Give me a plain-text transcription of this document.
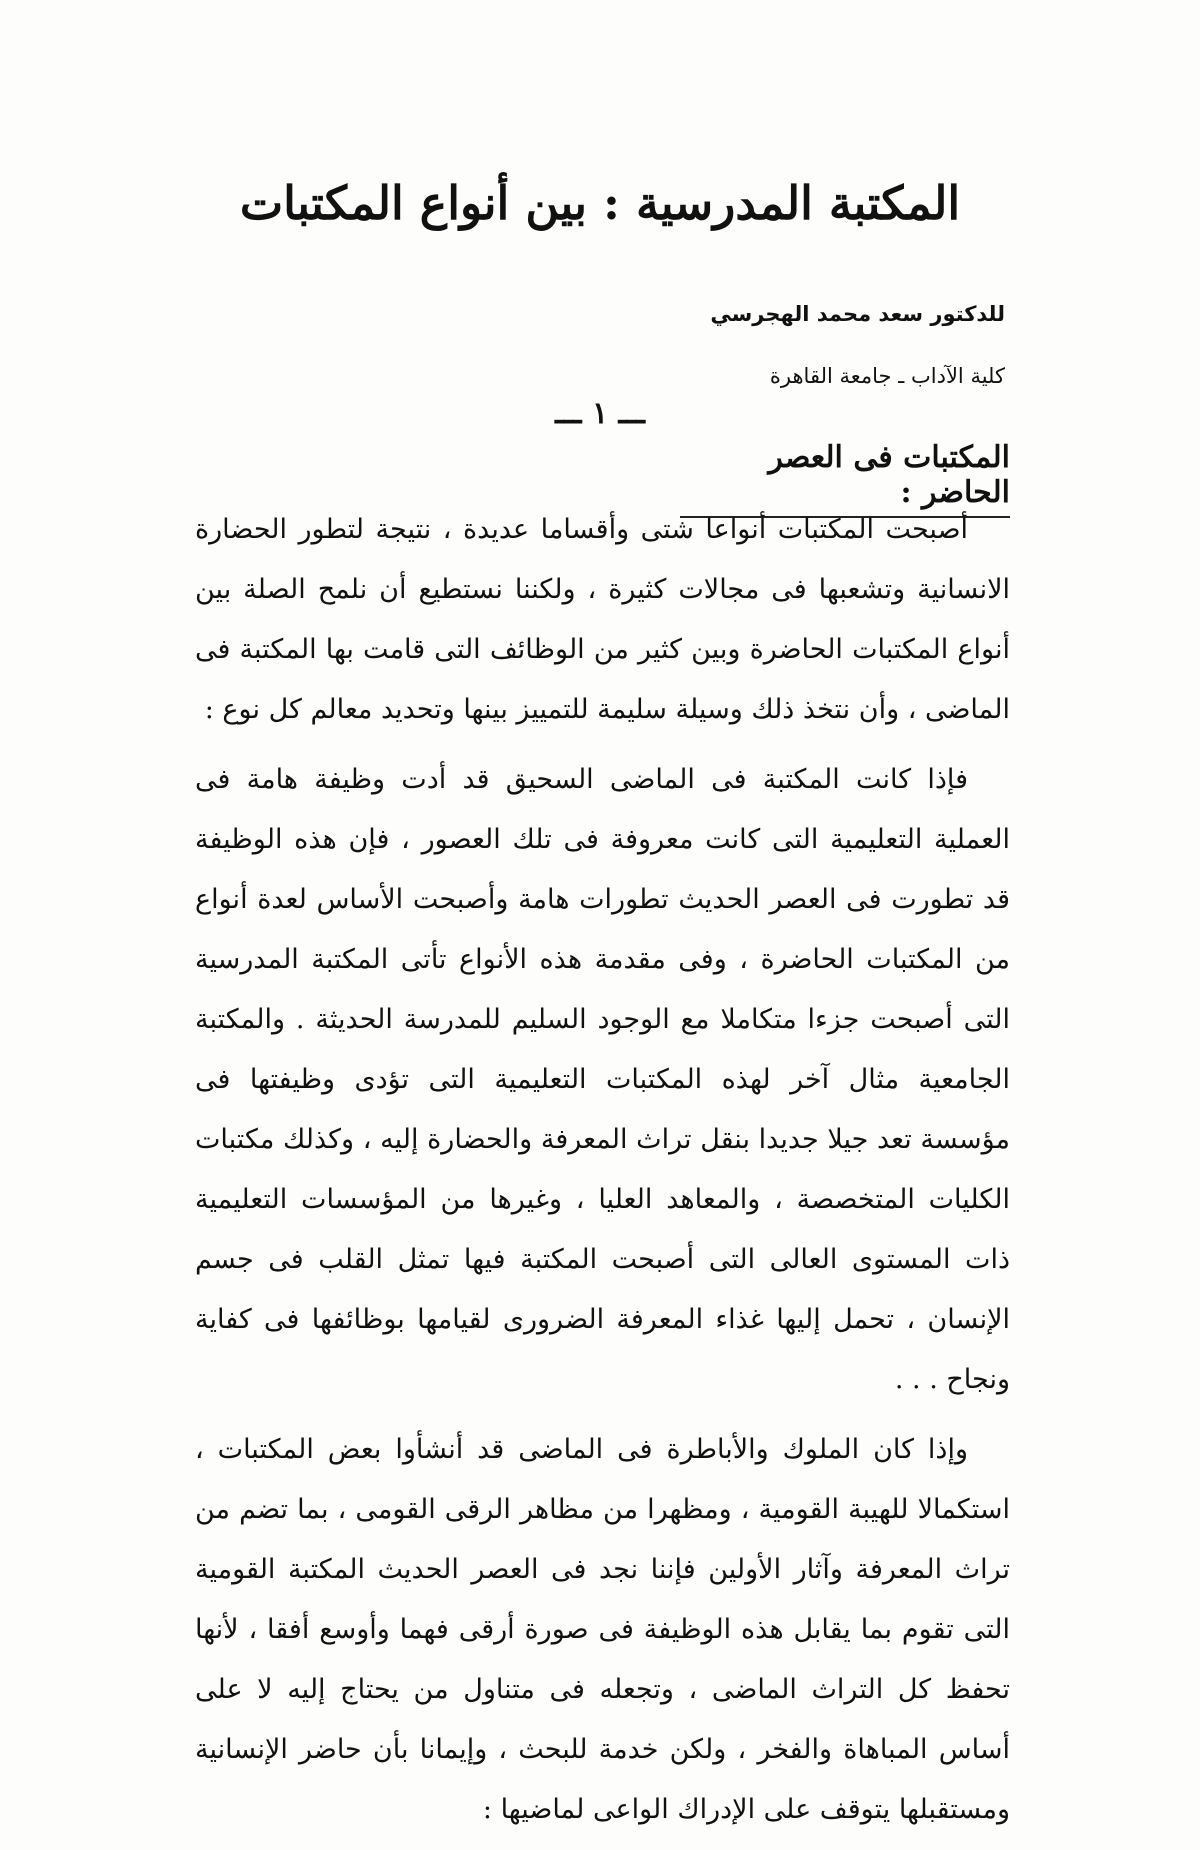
المكتبة المدرسية : بين أنواع المكتبات
للدكتور سعد محمد الهجرسي
كلية الآداب ـ جامعة القاهرة
ـــ ١ ـــ
المكتبات فى العصر الحاضر :

أصبحت المكتبات أنواعا شتى وأقساما عديدة ، نتيجة لتطور الحضارة الانسانية وتشعبها فى مجالات كثيرة ، ولكننا نستطيع أن نلمح الصلة بين أنواع المكتبات الحاضرة وبين كثير من الوظائف التى قامت بها المكتبة فى الماضى ، وأن نتخذ ذلك وسيلة سليمة للتمييز بينها وتحديد معالم كل نوع :

فإذا كانت المكتبة فى الماضى السحيق قد أدت وظيفة هامة فى العملية التعليمية التى كانت معروفة فى تلك العصور ، فإن هذه الوظيفة قد تطورت فى العصر الحديث تطورات هامة وأصبحت الأساس لعدة أنواع من المكتبات الحاضرة ، وفى مقدمة هذه الأنواع تأتى المكتبة المدرسية التى أصبحت جزءا متكاملا مع الوجود السليم للمدرسة الحديثة . والمكتبة الجامعية مثال آخر لهذه المكتبات التعليمية التى تؤدى وظيفتها فى مؤسسة تعد جيلا جديدا بنقل تراث المعرفة والحضارة إليه ، وكذلك مكتبات الكليات المتخصصة ، والمعاهد العليا ، وغيرها من المؤسسات التعليمية ذات المستوى العالى التى أصبحت المكتبة فيها تمثل القلب فى جسم الإنسان ، تحمل إليها غذاء المعرفة الضرورى لقيامها بوظائفها فى كفاية ونجاح . . .

وإذا كان الملوك والأباطرة فى الماضى قد أنشأوا بعض المكتبات ، استكمالا للهيبة القومية ، ومظهرا من مظاهر الرقى القومى ، بما تضم من تراث المعرفة وآثار الأولين فإننا نجد فى العصر الحديث المكتبة القومية التى تقوم بما يقابل هذه الوظيفة فى صورة أرقى فهما وأوسع أفقا ، لأنها تحفظ كل التراث الماضى ، وتجعله فى متناول من يحتاج إليه لا على أساس المباهاة والفخر ، ولكن خدمة للبحث ، وإيمانا بأن حاضر الإنسانية ومستقبلها يتوقف على الإدراك الواعى لماضيها :
